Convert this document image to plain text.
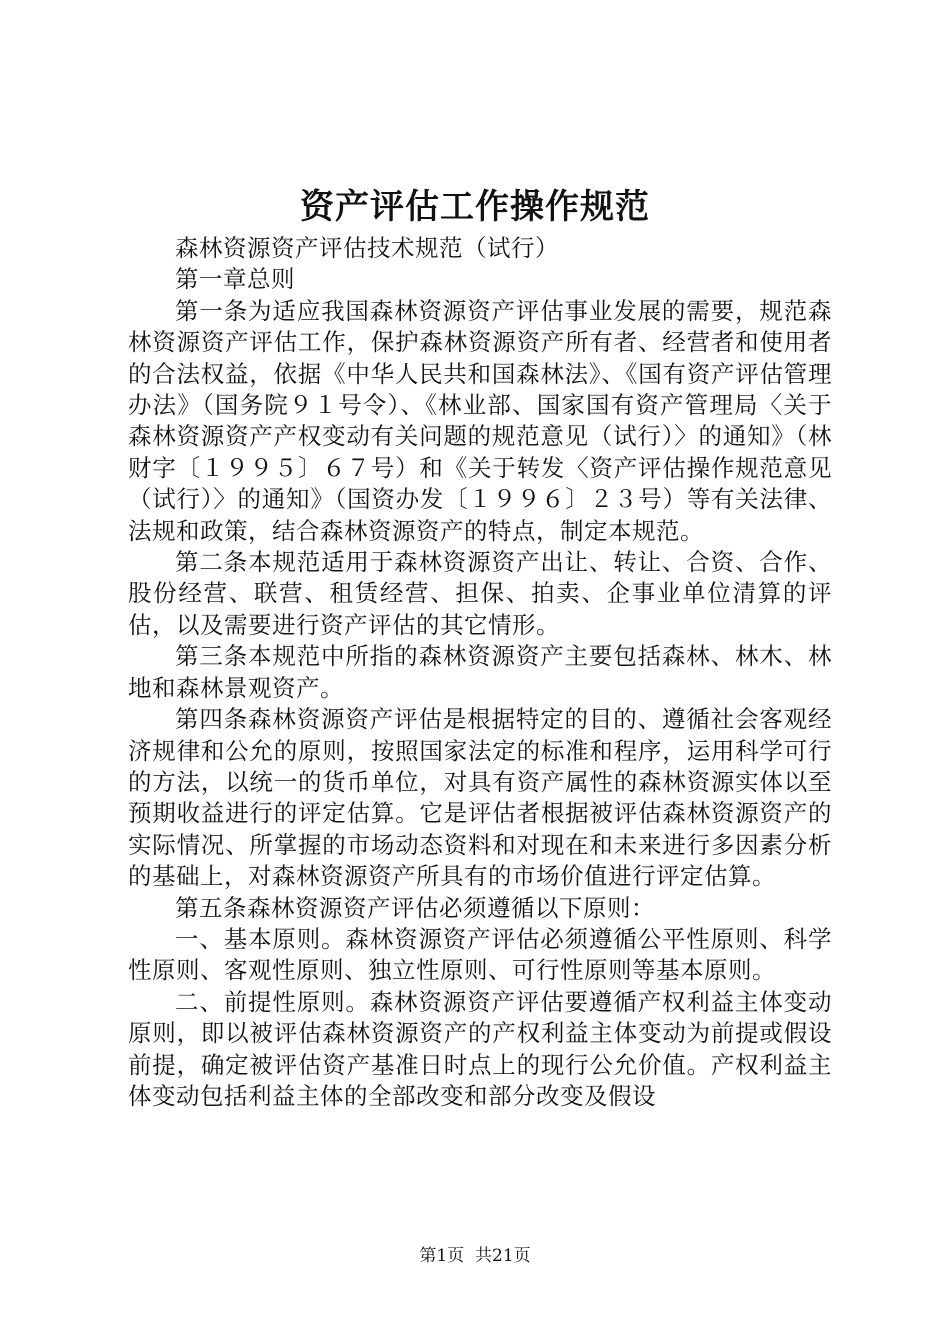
资产评估工作操作规范

森林资源资产评估技术规范（试行）

第一章总则

第一条为适应我国森林资源资产评估事业发展的需要，规范森林资源资产评估工作，保护森林资源资产所有者、经营者和使用者的合法权益，依据《中华人民共和国森林法》、《国有资产评估管理办法》（国务院９１号令）、《林业部、国家国有资产管理局〈关于森林资源资产产权变动有关问题的规范意见（试行）〉的通知》（林财字〔１９９５〕６７号）和《关于转发〈资产评估操作规范意见（试行）〉的通知》（国资办发〔１９９６〕２３号）等有关法律、法规和政策，结合森林资源资产的特点，制定本规范。

第二条本规范适用于森林资源资产出让、转让、合资、合作、股份经营、联营、租赁经营、担保、拍卖、企事业单位清算的评估，以及需要进行资产评估的其它情形。

第三条本规范中所指的森林资源资产主要包括森林、林木、林地和森林景观资产。

第四条森林资源资产评估是根据特定的目的、遵循社会客观经济规律和公允的原则，按照国家法定的标准和程序，运用科学可行的方法，以统一的货币单位，对具有资产属性的森林资源实体以至预期收益进行的评定估算。它是评估者根据被评估森林资源资产的实际情况、所掌握的市场动态资料和对现在和未来进行多因素分析的基础上，对森林资源资产所具有的市场价值进行评定估算。

第五条森林资源资产评估必须遵循以下原则：

一、基本原则。森林资源资产评估必须遵循公平性原则、科学性原则、客观性原则、独立性原则、可行性原则等基本原则。

二、前提性原则。森林资源资产评估要遵循产权利益主体变动原则，即以被评估森林资源资产的产权利益主体变动为前提或假设前提，确定被评估资产基准日时点上的现行公允价值。产权利益主体变动包括利益主体的全部改变和部分改变及假设

第1页 共21页
